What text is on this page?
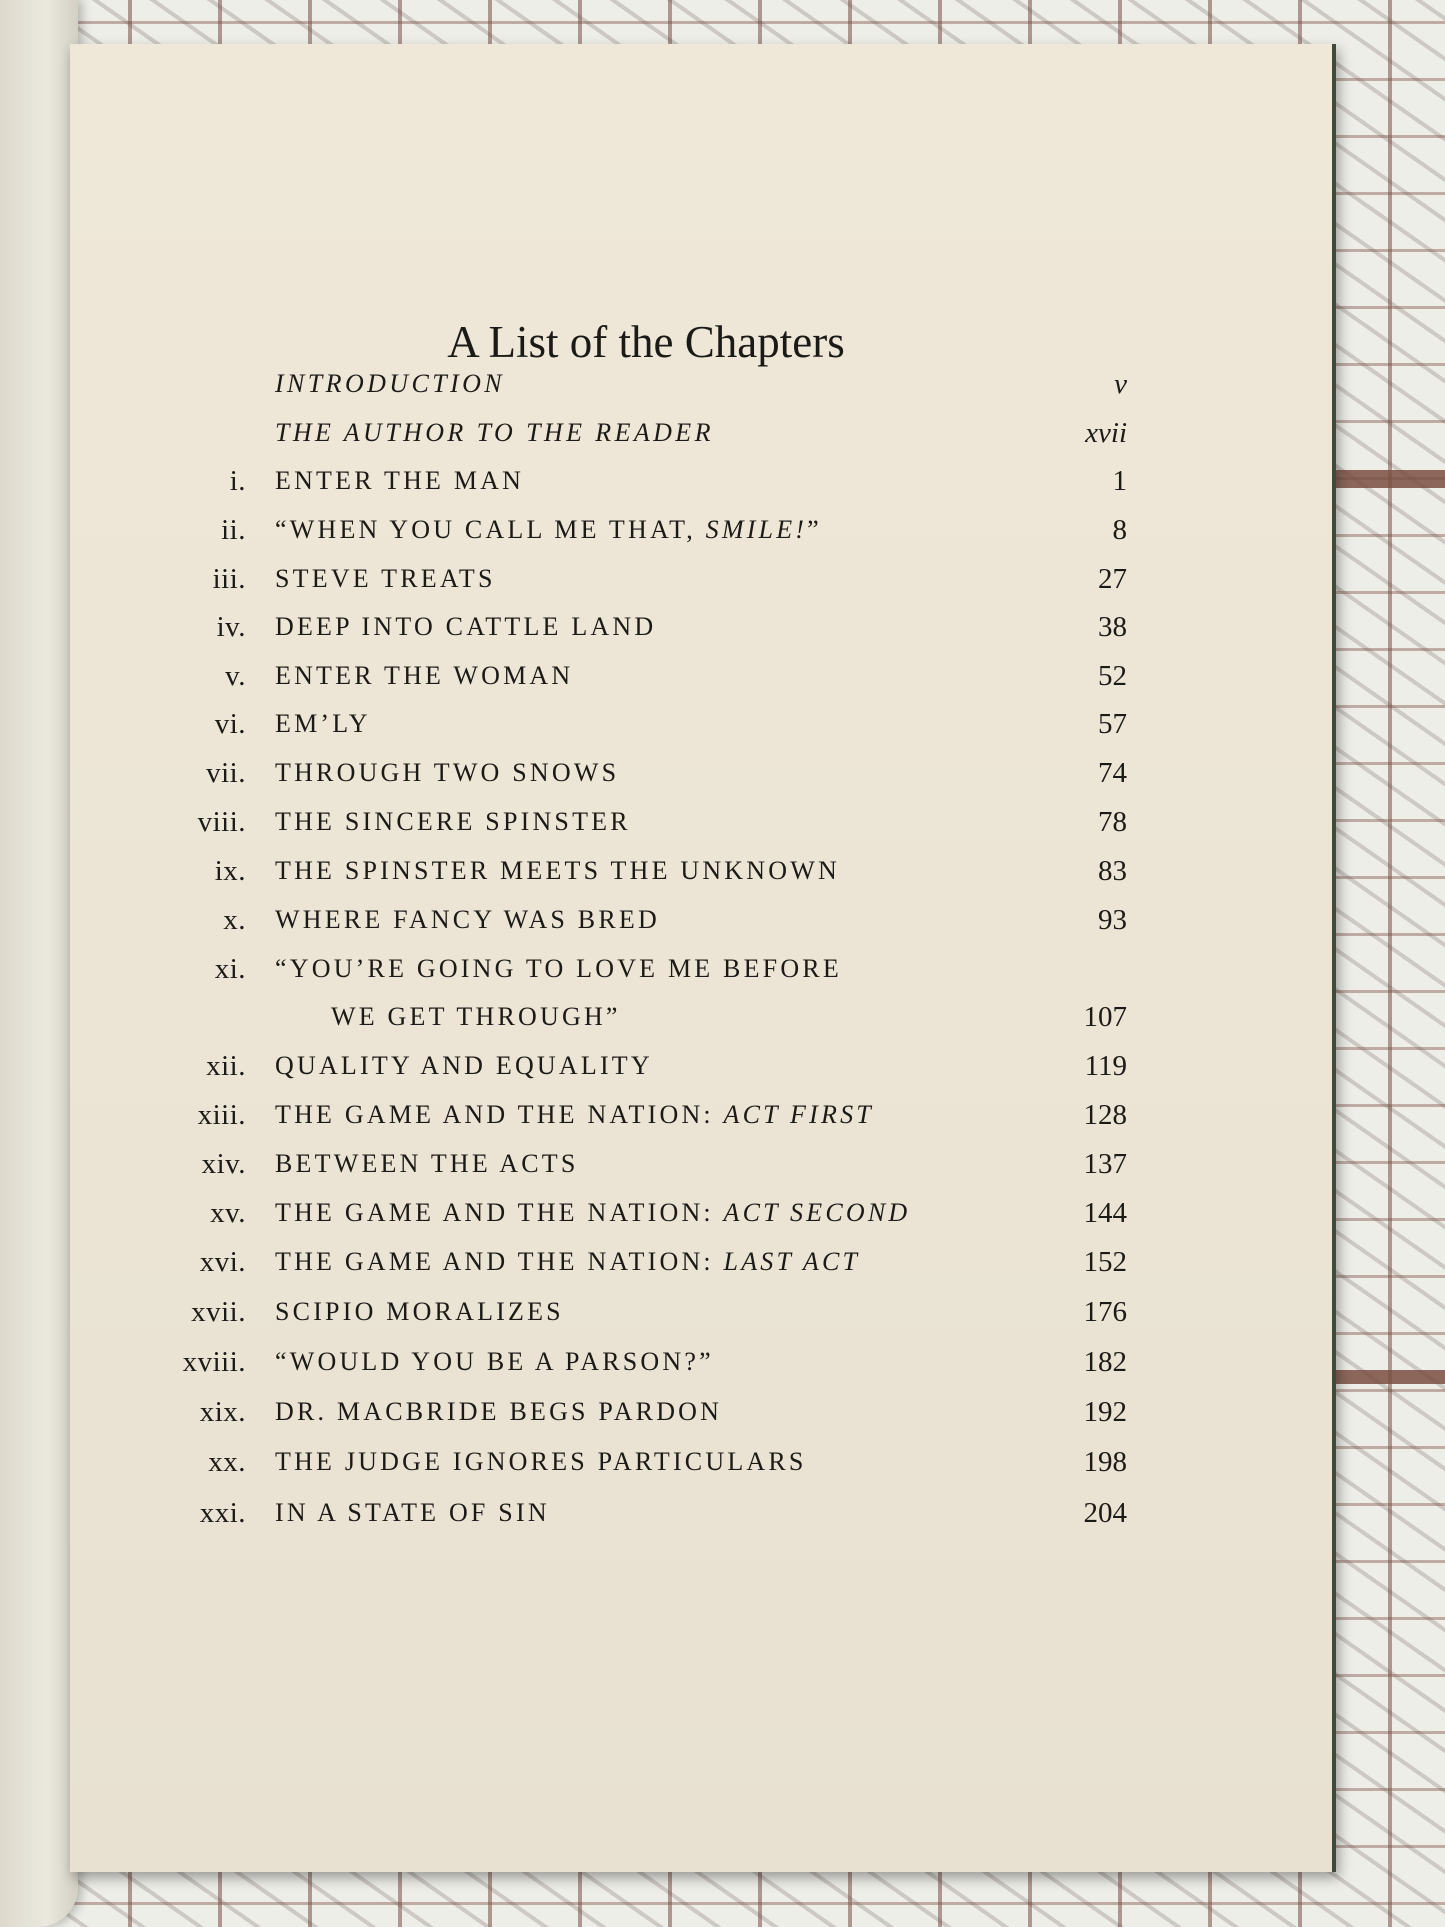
A List of the Chapters
INTRODUCTION	v
THE AUTHOR TO THE READER	xvii
i. ENTER THE MAN	1
ii. “WHEN YOU CALL ME THAT, SMILE!”	8
iii. STEVE TREATS	27
iv. DEEP INTO CATTLE LAND	38
v. ENTER THE WOMAN	52
vi. EM’LY	57
vii. THROUGH TWO SNOWS	74
viii. THE SINCERE SPINSTER	78
ix. THE SPINSTER MEETS THE UNKNOWN	83
x. WHERE FANCY WAS BRED	93
xi. “YOU’RE GOING TO LOVE ME BEFORE
WE GET THROUGH”	107
xii. QUALITY AND EQUALITY	119
xiii. THE GAME AND THE NATION: ACT FIRST	128
xiv. BETWEEN THE ACTS	137
xv. THE GAME AND THE NATION: ACT SECOND	144
xvi. THE GAME AND THE NATION: LAST ACT	152
xvii. SCIPIO MORALIZES	176
xviii. “WOULD YOU BE A PARSON?”	182
xix. DR. MACBRIDE BEGS PARDON	192
xx. THE JUDGE IGNORES PARTICULARS	198
xxi. IN A STATE OF SIN	204
